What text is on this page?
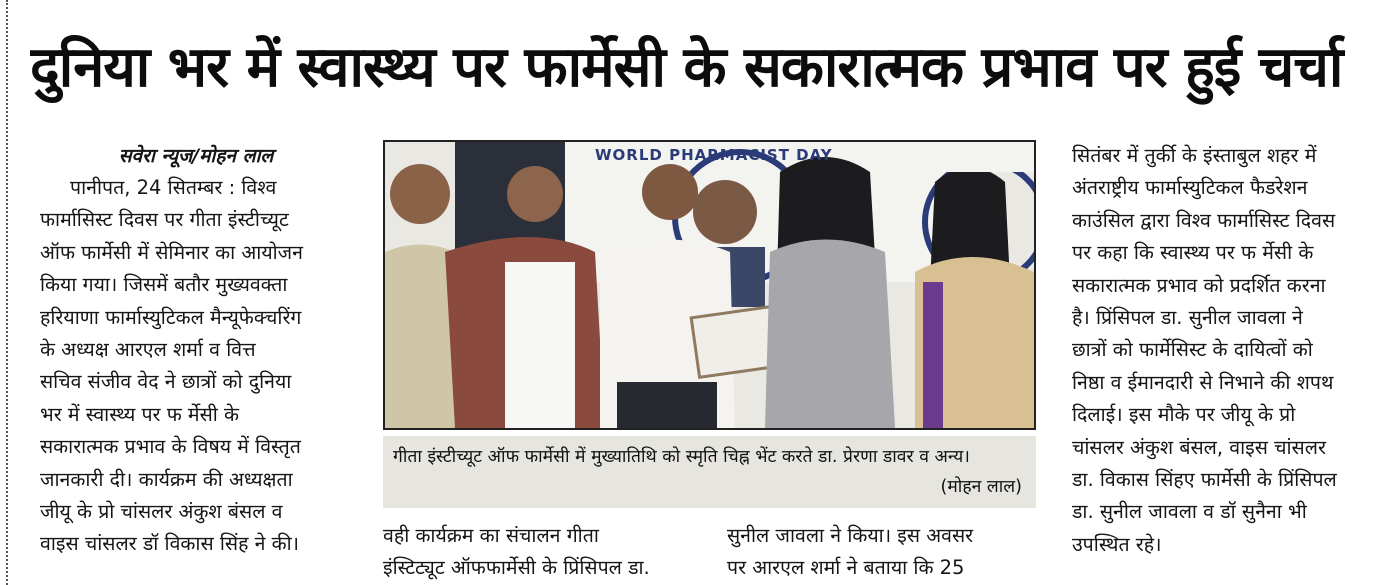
दुनिया भर में स्वास्थ्य पर फार्मेसी के सकारात्मक प्रभाव पर हुई चर्चा
सवेरा न्यूज/मोहन लाल
पानीपत, 24 सितम्बर : विश्व
फार्मासिस्ट दिवस पर गीता इंस्टीच्यूट
ऑफ फार्मेसी में सेमिनार का आयोजन
किया गया। जिसमें बतौर मुख्यवक्ता
हरियाणा फार्मास्युटिकल मैन्यूफेक्चरिंग
के अध्यक्ष आरएल शर्मा व वित्त
सचिव संजीव वेद ने छात्रों को दुनिया
भर में स्वास्थ्य पर फ र्मेसी के
सकारात्मक प्रभाव के विषय में विस्तृत
जानकारी दी। कार्यक्रम की अध्यक्षता
जीयू के प्रो चांसलर अंकुश बंसल व
वाइस चांसलर डॉ विकास सिंह ने की।
WORLD PHARMACIST DAY
गीता इंस्टीच्यूट ऑफ फार्मेसी में मुख्यातिथि को स्मृति चिह्न भेंट करते डा. प्रेरणा डावर व अन्य।
(मोहन लाल)
वही कार्यक्रम का संचालन गीता
इंस्टिट्यूट ऑफफार्मेसी के प्रिंसिपल डा.
सुनील जावला ने किया। इस अवसर
पर आरएल शर्मा ने बताया कि 25
सितंबर में तुर्की के इंस्ताबुल शहर में
अंतराष्ट्रीय फार्मास्युटिकल फैडरेशन
काउंसिल द्वारा विश्व फार्मासिस्ट दिवस
पर कहा कि स्वास्थ्य पर फ र्मेसी के
सकारात्मक प्रभाव को प्रदर्शित करना
है। प्रिंसिपल डा. सुनील जावला ने
छात्रों को फार्मेसिस्ट के दायित्वों को
निष्ठा व ईमानदारी से निभाने की शपथ
दिलाई। इस मौके पर जीयू के प्रो
चांसलर अंकुश बंसल, वाइस चांसलर
डा. विकास सिंहए फार्मेसी के प्रिंसिपल
डा. सुनील जावला व डॉ सुनैना भी
उपस्थित रहे।
